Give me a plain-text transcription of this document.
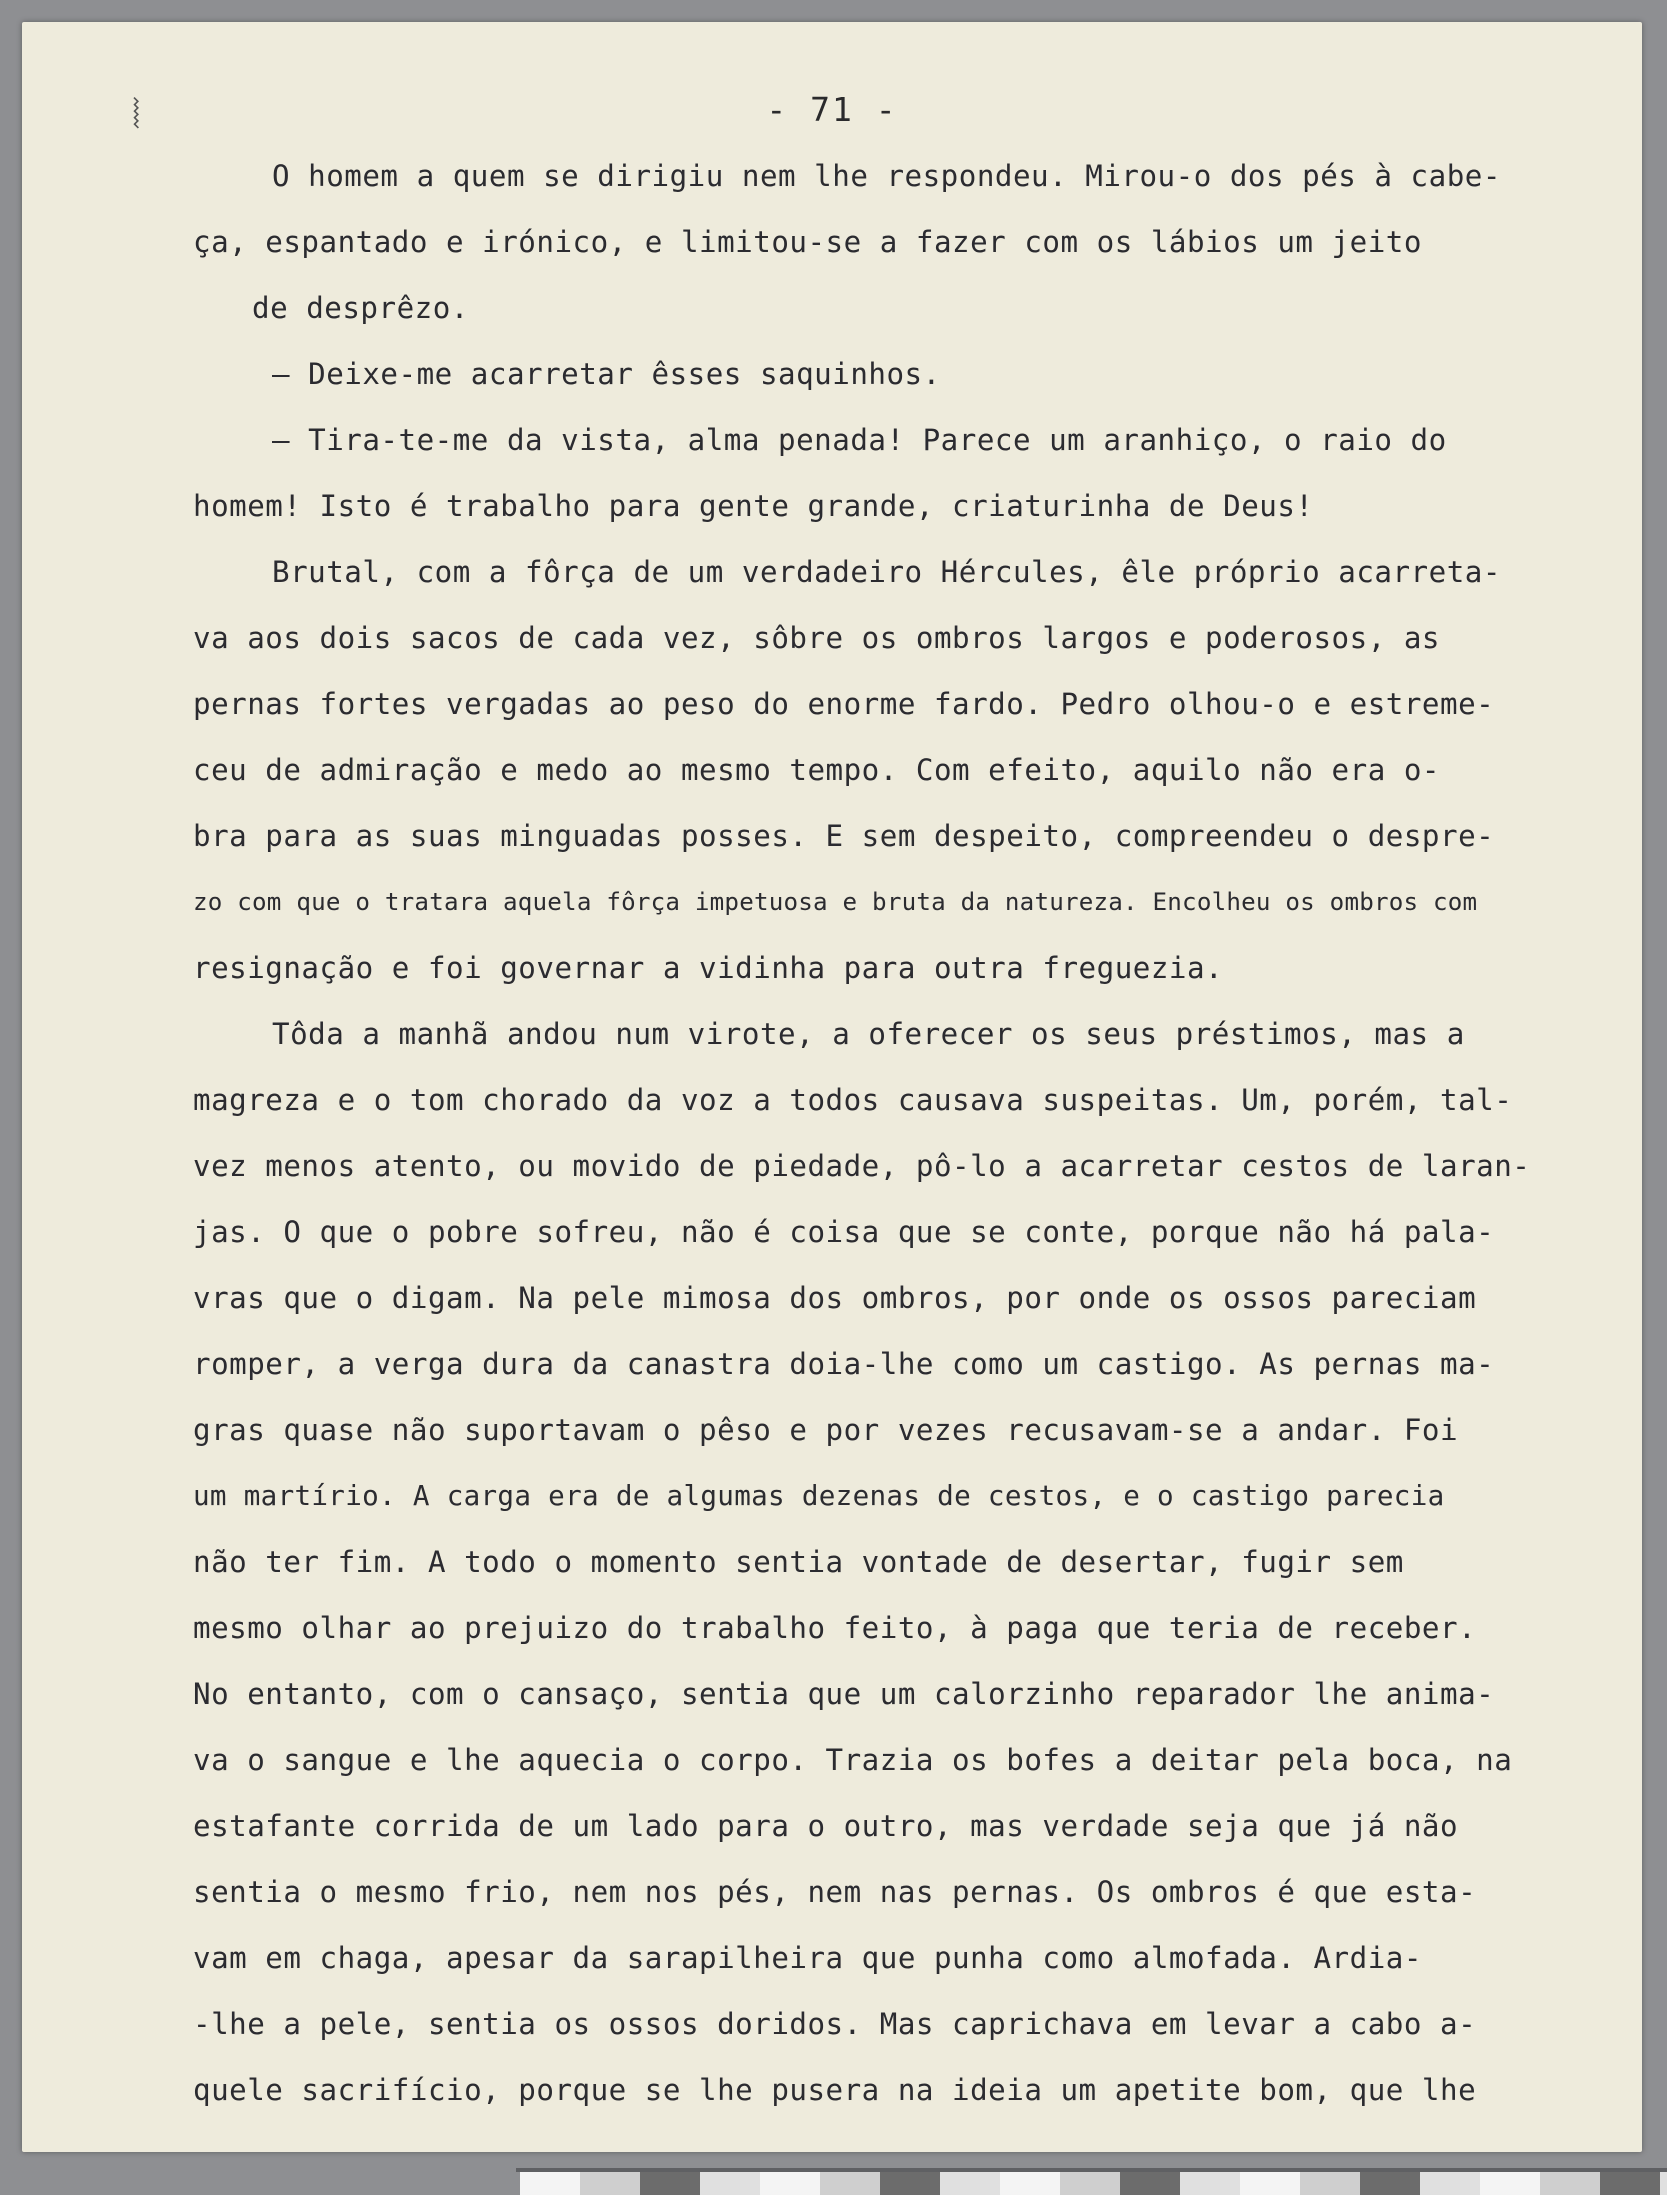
- 71 -
⦚
O homem a quem se dirigiu nem lhe respondeu. Mirou-o dos pés à cabe-
ça, espantado e irónico, e limitou-se a fazer com os lábios um jeito
de desprêzo.
— Deixe-me acarretar êsses saquinhos.
— Tira-te-me da vista, alma penada! Parece um aranhiço, o raio do
homem! Isto é trabalho para gente grande, criaturinha de Deus!
Brutal, com a fôrça de um verdadeiro Hércules, êle próprio acarreta-
va aos dois sacos de cada vez, sôbre os ombros largos e poderosos, as
pernas fortes vergadas ao peso do enorme fardo. Pedro olhou-o e estreme-
ceu de admiração e medo ao mesmo tempo. Com efeito, aquilo não era o-
bra para as suas minguadas posses. E sem despeito, compreendeu o despre-
zo com que o tratara aquela fôrça impetuosa e bruta da natureza. Encolheu os ombros com
resignação e foi governar a vidinha para outra freguezia.
Tôda a manhã andou num virote, a oferecer os seus préstimos, mas a
magreza e o tom chorado da voz a todos causava suspeitas. Um, porém, tal-
vez menos atento, ou movido de piedade, pô-lo a acarretar cestos de laran-
jas. O que o pobre sofreu, não é coisa que se conte, porque não há pala-
vras que o digam. Na pele mimosa dos ombros, por onde os ossos pareciam
romper, a verga dura da canastra doia-lhe como um castigo. As pernas ma-
gras quase não suportavam o pêso e por vezes recusavam-se a andar. Foi
um martírio. A carga era de algumas dezenas de cestos, e o castigo parecia
não ter fim. A todo o momento sentia vontade de desertar, fugir sem
mesmo olhar ao prejuizo do trabalho feito, à paga que teria de receber.
No entanto, com o cansaço, sentia que um calorzinho reparador lhe anima-
va o sangue e lhe aquecia o corpo. Trazia os bofes a deitar pela boca, na
estafante corrida de um lado para o outro, mas verdade seja que já não
sentia o mesmo frio, nem nos pés, nem nas pernas. Os ombros é que esta-
vam em chaga, apesar da sarapilheira que punha como almofada. Ardia-
-lhe a pele, sentia os ossos doridos. Mas caprichava em levar a cabo a-
quele sacrifício, porque se lhe pusera na ideia um apetite bom, que lhe
